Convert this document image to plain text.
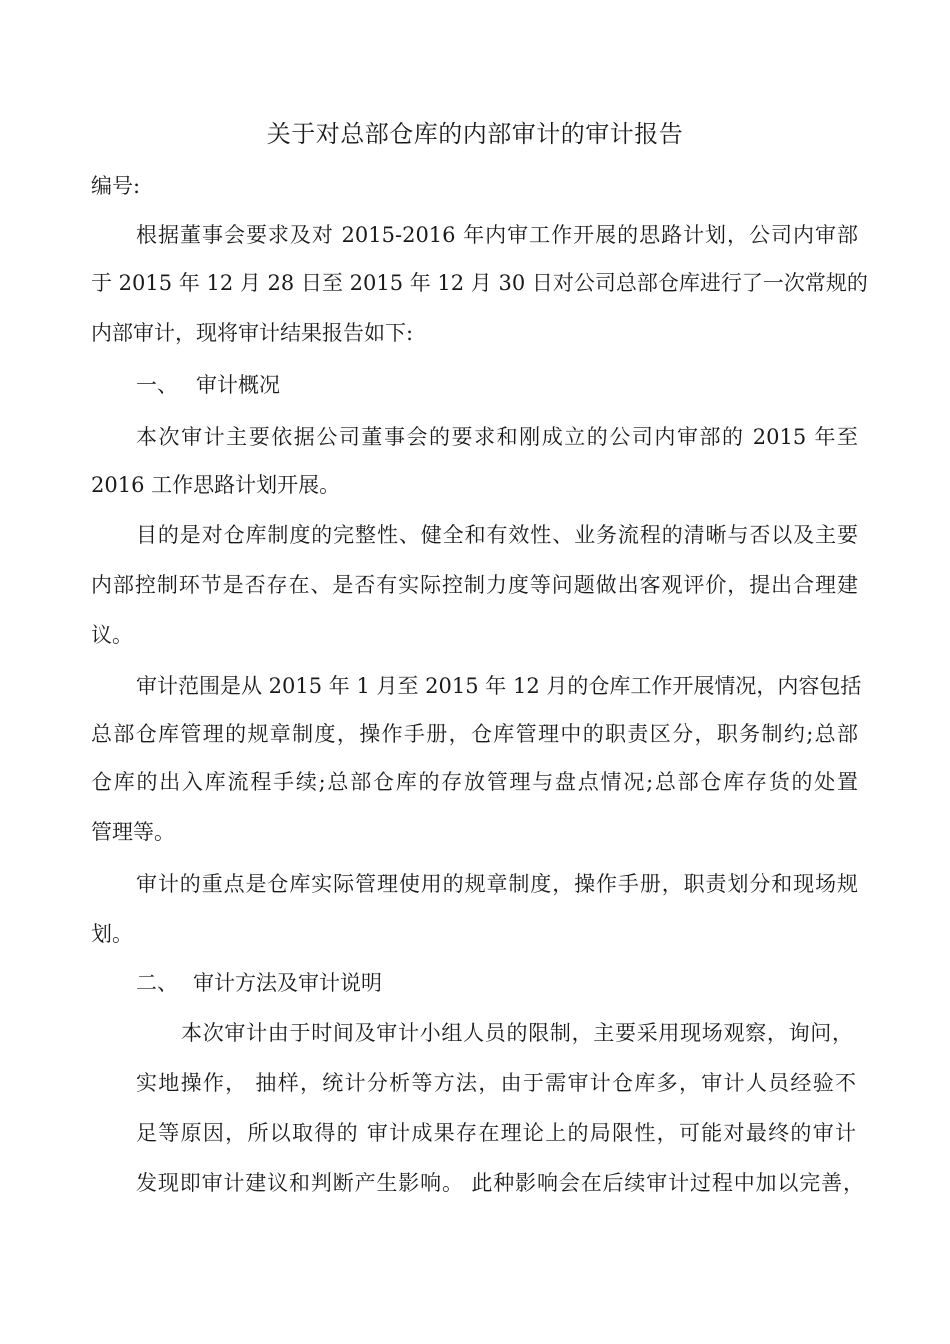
关于对总部仓库的内部审计的审计报告
编号:
根据董事会要求及对 2015-2016 年内审工作开展的思路计划，公司内审部
于 2015 年 12 月 28 日至 2015 年 12 月 30 日对公司总部仓库进行了一次常规的
内部审计，现将审计结果报告如下:
一、 审计概况
本次审计主要依据公司董事会的要求和刚成立的公司内审部的 2015 年至
2016 工作思路计划开展。
目的是对仓库制度的完整性、健全和有效性、业务流程的清晰与否以及主要
内部控制环节是否存在、是否有实际控制力度等问题做出客观评价，提出合理建
议。
审计范围是从 2015 年 1 月至 2015 年 12 月的仓库工作开展情况，内容包括
总部仓库管理的规章制度，操作手册，仓库管理中的职责区分，职务制约;总部
仓库的出入库流程手续;总部仓库的存放管理与盘点情况;总部仓库存货的处置
管理等。
审计的重点是仓库实际管理使用的规章制度，操作手册，职责划分和现场规
划。
二、 审计方法及审计说明
本次审计由于时间及审计小组人员的限制，主要采用现场观察，询问，
实地操作， 抽样，统计分析等方法，由于需审计仓库多，审计人员经验不
足等原因，所以取得的 审计成果存在理论上的局限性，可能对最终的审计
发现即审计建议和判断产生影响。 此种影响会在后续审计过程中加以完善，
